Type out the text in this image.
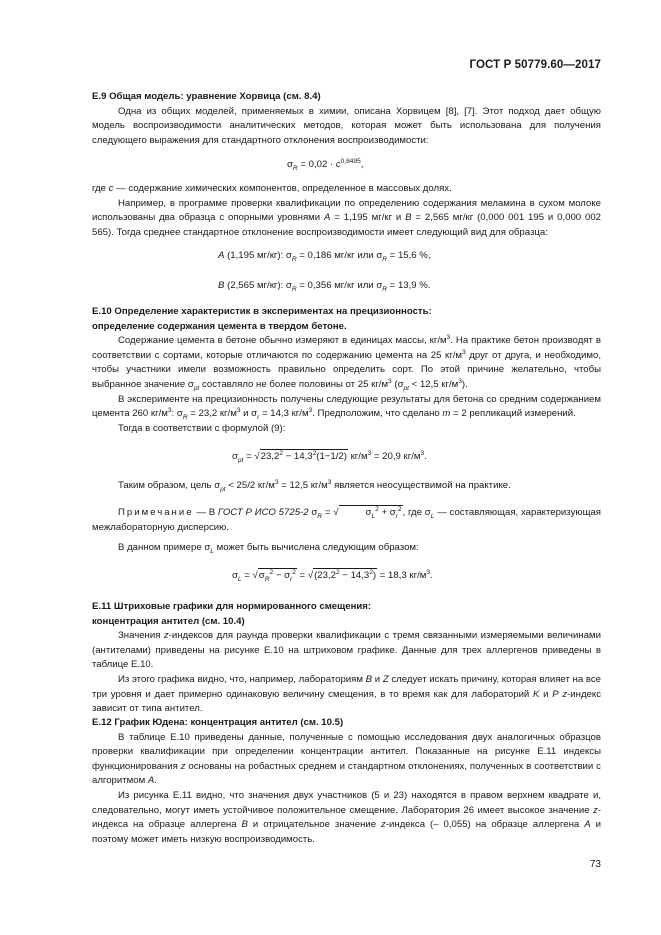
ГОСТ Р 50779.60—2017

Е.9 Общая модель: уравнение Хорвица (см. 8.4)

Одна из общих моделей, применяемых в химии, описана Хорвицем [8], [7]. Этот подход дает общую модель воспроизводимости аналитических методов, которая может быть использована для получения следующего выражения для стандартного отклонения воспроизводимости:

$\sigma_R = 0,02 \cdot c^{0,8495}$,

где c — содержание химических компонентов, определенное в массовых долях.

Например, в программе проверки квалификации по определению содержания меламина в сухом молоке использованы два образца с опорными уровнями A = 1,195 мг/кг и B = 2,565 мг/кг (0,000 001 195 и 0,000 002 565). Тогда среднее стандартное отклонение воспроизводимости имеет следующий вид для образца:

A (1,195 мг/кг): $\sigma_R = 0,186$ мг/кг или $\sigma_R = 15,6$ %,
B (2,565 мг/кг): $\sigma_R = 0,356$ мг/кг или $\sigma_R = 13,9$ %.

Е.10 Определение характеристик в экспериментах на прецизионность:

определение содержания цемента в твердом бетоне.

Содержание цемента в бетоне обычно измеряют в единицах массы, $кг/м^3$. На практике бетон производят в соответствии с сортами, которые отличаются по содержанию цемента на 25 $кг/м^3$ друг от друга, и необходимо, чтобы участники имели возможность правильно определить сорт. По этой причине желательно, чтобы выбранное значение $\sigma_{pt}$ составляло не более половины от 25 $кг/м^3$ ($\sigma_{pt} < 12,5$ $кг/м^3$).

В эксперименте на прецизионность получены следующие результаты для бетона со средним содержанием цемента 260 $кг/м^3$: $\sigma_R = 23,2$ $кг/м^3$ и $\sigma_r = 14,3$ $кг/м^3$. Предположим, что сделано m = 2 репликаций измерений.

Тогда в соответствии с формулой (9):

$\sigma_{pt} = √23,2^2 - 14,3^2(1-1/2) кг/м^3 = 20,9$ $кг/м^3$.

Таким образом, цель $\sigma_{pt} < 25/2$ $кг/м^3 = 12,5$ $кг/м^3$ является неосуществимой на практике.

Примечание — В ГОСТ Р ИСО 5725-2 $\sigma_R$ = √	$\sigma_L^2 + \sigma_r^2$, где $\sigma_L$ — составляющая, характеризующая межлабораторную дисперсию.

В данном примере $\sigma_L$ может быть вычислена следующим образом:

$\sigma_L = √\sigma_R^2 - \sigma_r^2 = √(23,2^2 - 14,3^2) = 18,3$ $кг/м^3$.

Е.11 Штриховые графики для нормированного смещения:

концентрация антител (см. 10.4)

Значения z-индексов для раунда проверки квалификации с тремя связанными измеряемыми величинами (антителами) приведены на рисунке Е.10 на штриховом графике. Данные для трех аллергенов приведены в таблице Е.10.

Из этого графика видно, что, например, лабораториям B и Z следует искать причину, которая влияет на все три уровня и дает примерно одинаковую величину смещения, в то время как для лабораторий K и P z-индекс зависит от типа антител.

Е.12 График Юдена: концентрация антител (см. 10.5)

В таблице Е.10 приведены данные, полученные с помощью исследования двух аналогичных образцов проверки квалификации при определении концентрации антител. Показанные на рисунке Е.11 индексы функционирования z основаны на робастных среднем и стандартном отклонениях, полученных в соответствии с алгоритмом A.

Из рисунка Е.11 видно, что значения двух участников (5 и 23) находятся в правом верхнем квадрате и, следовательно, могут иметь устойчивое положительное смещение. Лаборатория 26 имеет высокое значение z-индекса на образце аллергена B и отрицательное значение z-индекса (– 0,055) на образце аллергена A и поэтому может иметь низкую воспроизводимость.

73
